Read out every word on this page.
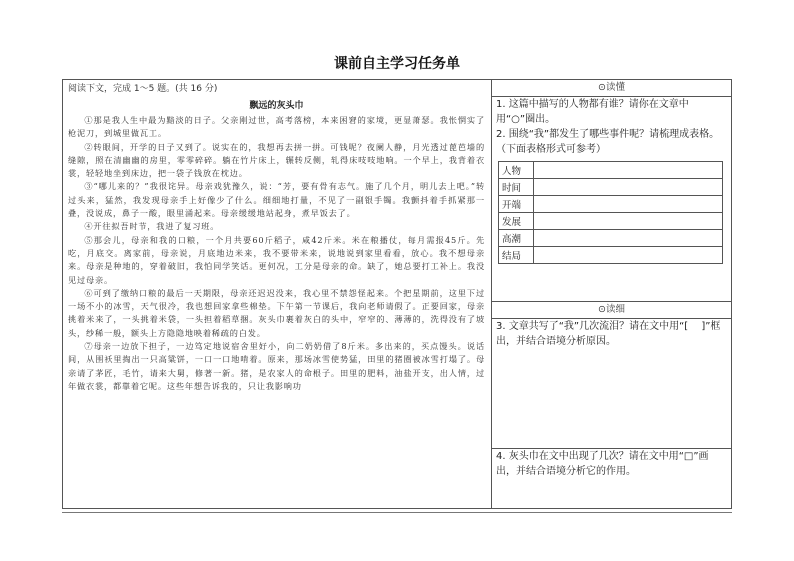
课前自主学习任务单
阅读下文，完成 1～5 题。(共 16 分)
飘远的灰头巾

①那是我人生中最为黯淡的日子。父亲刚过世，高考落榜，本来困窘的家境，更显萧瑟。我怅惘实了枪泥刀，到城里做瓦工。

②转眼间，开学的日子又到了。说实在的，我想再去拼一拼。可钱呢？夜阑人静，月光透过蓖芭墙的缝隙，照在清幽幽的房里，零零碎碎。躺在竹片床上，辗转反侧，轧得床吱吱地响。一个早上，我背着衣裳，轻轻地坐到床边，把一袋子钱放在枕边。

③“哪儿来的？”我很诧异。母亲戏犹豫久，说：“芳，要有骨有志气。施了几个月，明儿去上吧。”转过头来，猛然，我发现母亲手上好像少了什么。细细地打量，不见了一副银手镯。我颤抖着手抓紧那一叠，没说成，鼻子一酸，眼里涌起来。母亲缓缓地站起身，煮早饭去了。

④开往拟吾时节，我进了复习班。

⑤那会儿，母亲和我的口粮，一个月共要60斤稻子，咸42斤米。米在粮播仗，每月需报45斤。先吃，月底交。离家前，母亲说，月底地边米来，我不要带米来，说地说到家里看看，放心。我不想母亲来。母亲是种地的，穿着破旧，我怕同学笑话。更何况，工分是母亲的命。缺了，她总要打工补上。我没见过母亲。

⑥可到了缴纳口粮的最后一天期限，母亲还迟迟没来，我心里不禁怨怪起来。个把星期前，这里下过一场不小的冰雪，天气很冷，我也想回家拿些棉垫。下午第一节课后，我向老师请假了。正要回家，母亲挑着米来了，一头挑着米袋，一头担着稻草捆。灰头巾裹着灰白的头中，窄窄的、薄薄的，洗得没有了坡头，纱稀一般，额头上方隐隐地映着稀疏的白发。

⑦母亲一边放下担子，一边笃定地说宿舍里好小，向二奶奶借了8斤米。多出来的，买点馒头。说话间，从围袄里掏出一只高粱饼，一口一口地啃着。原来，那场冰雪使势猛，田里的猪圈被冰雪打塌了。母亲请了茅匠，毛竹，请来大舅，修著一新。猪，是农家人的命根子。田里的肥料，油盐开支，出人情，过年做衣裳，都靠着它呢。这些年想告诉我的，只让我影响功

⊙读懂
1. 这篇中描写的人物都有谁？请你在文章中用“○”圈出。
2. 围绕“我”都发生了哪些事件呢？请梳理成表格。（下面表格形式可参考）
人物	
时间	
开端	
发展	
高潮	
结局	
⊙读细
3. 文章共写了“我”几次流泪？请在文中用“[　 ]”框出，并结合语境分析原因。
4. 灰头巾在文中出现了几次？请在文中用“□”画出，并结合语境分析它的作用。
